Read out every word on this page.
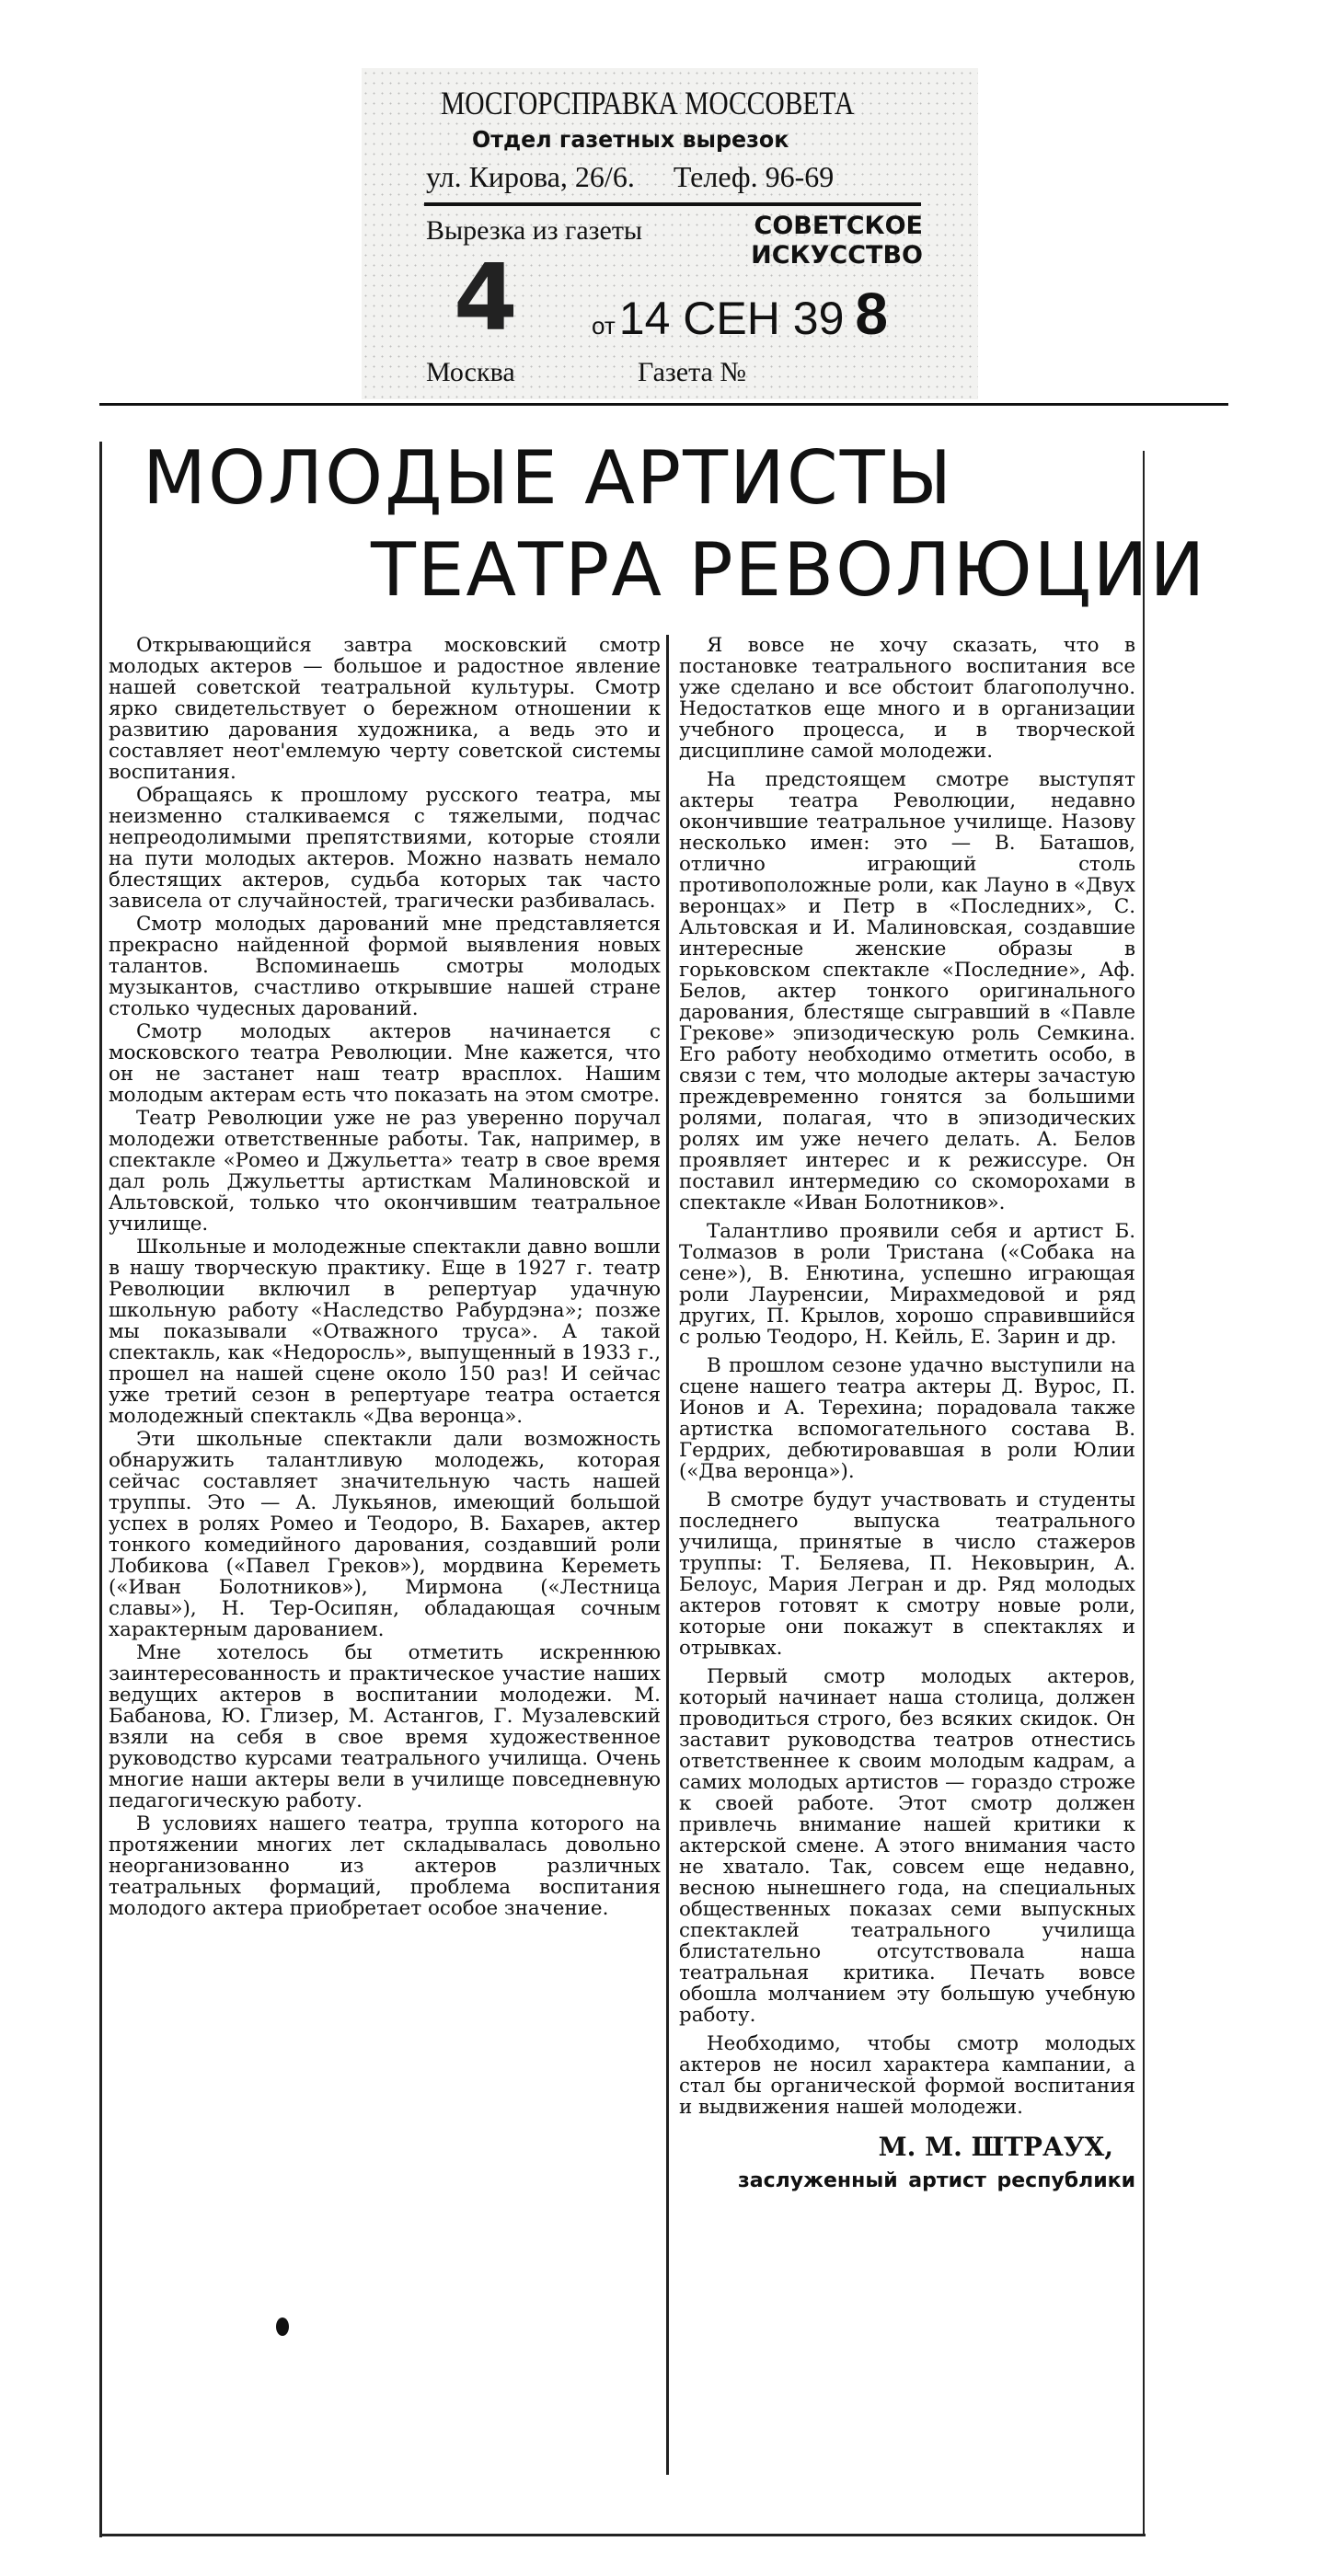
МОСГОРСПРАВКА МОССОВЕТА
Отдел газетных вырезок
ул. Кирова, 26/6. Телеф. 96-69
Вырезка из газеты	СОВЕТСКОЕ
ИСКУССТВО
4	от14 СЕН 39 8
Москва	Газета №
МОЛОДЫЕ АРТИСТЫ
ТЕАТРА РЕВОЛЮЦИИ

Открывающийся завтра московский смотр молодых актеров — большое и радостное явление нашей советской театральной культуры. Смотр ярко свидетельствует о бережном отношении к развитию дарования художника, а ведь это и составляет неот'емлемую черту советской системы воспитания.

Обращаясь к прошлому русского театра, мы неизменно сталкиваемся с тяжелыми, подчас непреодолимыми препятствиями, которые стояли на пути молодых актеров. Можно назвать немало блестящих актеров, судьба которых так часто зависела от случайностей, трагически разбивалась.

Смотр молодых дарований мне представляется прекрасно найденной формой выявления новых талантов. Вспоминаешь смотры молодых музыкантов, счастливо открывшие нашей стране столько чудесных дарований.

Смотр молодых актеров начинается с московского театра Революции. Мне кажется, что он не застанет наш театр врасплох. Нашим молодым актерам есть что показать на этом смотре.

Театр Революции уже не раз уверенно поручал молодежи ответственные работы. Так, например, в спектакле «Ромео и Джульетта» театр в свое время дал роль Джульетты артисткам Малиновской и Альтовской, только что окончившим театральное училище.

Школьные и молодежные спектакли давно вошли в нашу творческую практику. Еще в 1927 г. театр Революции включил в репертуар удачную школьную работу «Наследство Рабурдэна»; позже мы показывали «Отважного труса». А такой спектакль, как «Недоросль», выпущенный в 1933 г., прошел на нашей сцене около 150 раз! И сейчас уже третий сезон в репертуаре театра остается молодежный спектакль «Два веронца».

Эти школьные спектакли дали возможность обнаружить талантливую молодежь, которая сейчас составляет значительную часть нашей труппы. Это — А. Лукьянов, имеющий большой успех в ролях Ромео и Теодоро, В. Бахарев, актер тонкого комедийного дарования, создавший роли Лобикова («Павел Греков»), мордвина Кереметь («Иван Болотников»), Мирмона («Лестница славы»), Н. Тер-Осипян, обладающая сочным характерным дарованием.

Мне хотелось бы отметить искреннюю заинтересованность и практическое участие наших ведущих актеров в воспитании молодежи. М. Бабанова, Ю. Глизер, М. Астангов, Г. Музалевский взяли на себя в свое время художественное руководство курсами театрального училища. Очень многие наши актеры вели в училище повседневную педагогическую работу.

В условиях нашего театра, труппа которого на протяжении многих лет складывалась довольно неорганизованно из актеров различных театральных формаций, проблема воспитания молодого актера приобретает особое значение.

Я вовсе не хочу сказать, что в постановке театрального воспитания все уже сделано и все обстоит благополучно. Недостатков еще много и в организации учебного процесса, и в творческой дисциплине самой молодежи.

На предстоящем смотре выступят актеры театра Революции, недавно окончившие театральное училище. Назову несколько имен: это — В. Баташов, отлично играющий столь противоположные роли, как Лауно в «Двух веронцах» и Петр в «Последних», С. Альтовская и И. Малиновская, создавшие интересные женские образы в горьковском спектакле «Последние», Аф. Белов, актер тонкого оригинального дарования, блестяще сыгравший в «Павле Грекове» эпизодическую роль Семкина. Его работу необходимо отметить особо, в связи с тем, что молодые актеры зачастую преждевременно гонятся за большими ролями, полагая, что в эпизодических ролях им уже нечего делать. А. Белов проявляет интерес и к режиссуре. Он поставил интермедию со скоморохами в спектакле «Иван Болотников».

Талантливо проявили себя и артист Б. Толмазов в роли Тристана («Собака на сене»), В. Енютина, успешно играющая роли Лауренсии, Мирахмедовой и ряд других, П. Крылов, хорошо справившийся с ролью Теодоро, Н. Кейль, Е. Зарин и др.

В прошлом сезоне удачно выступили на сцене нашего театра актеры Д. Вурос, П. Ионов и А. Терехина; порадовала также артистка вспомогательного состава В. Гердрих, дебютировавшая в роли Юлии («Два веронца»).

В смотре будут участвовать и студенты последнего выпуска театрального училища, принятые в число стажеров труппы: Т. Беляева, П. Нековырин, А. Белоус, Мария Легран и др. Ряд молодых актеров готовят к смотру новые роли, которые они покажут в спектаклях и отрывках.

Первый смотр молодых актеров, который начинает наша столица, должен проводиться строго, без всяких скидок. Он заставит руководства театров отнестись ответственнее к своим молодым кадрам, а самих молодых артистов — гораздо строже к своей работе. Этот смотр должен привлечь внимание нашей критики к актерской смене. А этого внимания часто не хватало. Так, совсем еще недавно, весною нынешнего года, на специальных общественных показах семи выпускных спектаклей театрального училища блистательно отсутствовала наша театральная критика. Печать вовсе обошла молчанием эту большую учебную работу.

Необходимо, чтобы смотр молодых актеров не носил характера кампании, а стал бы органической формой воспитания и выдвижения нашей молодежи.

М. М. ШТРАУХ,
заслуженный артист республики
